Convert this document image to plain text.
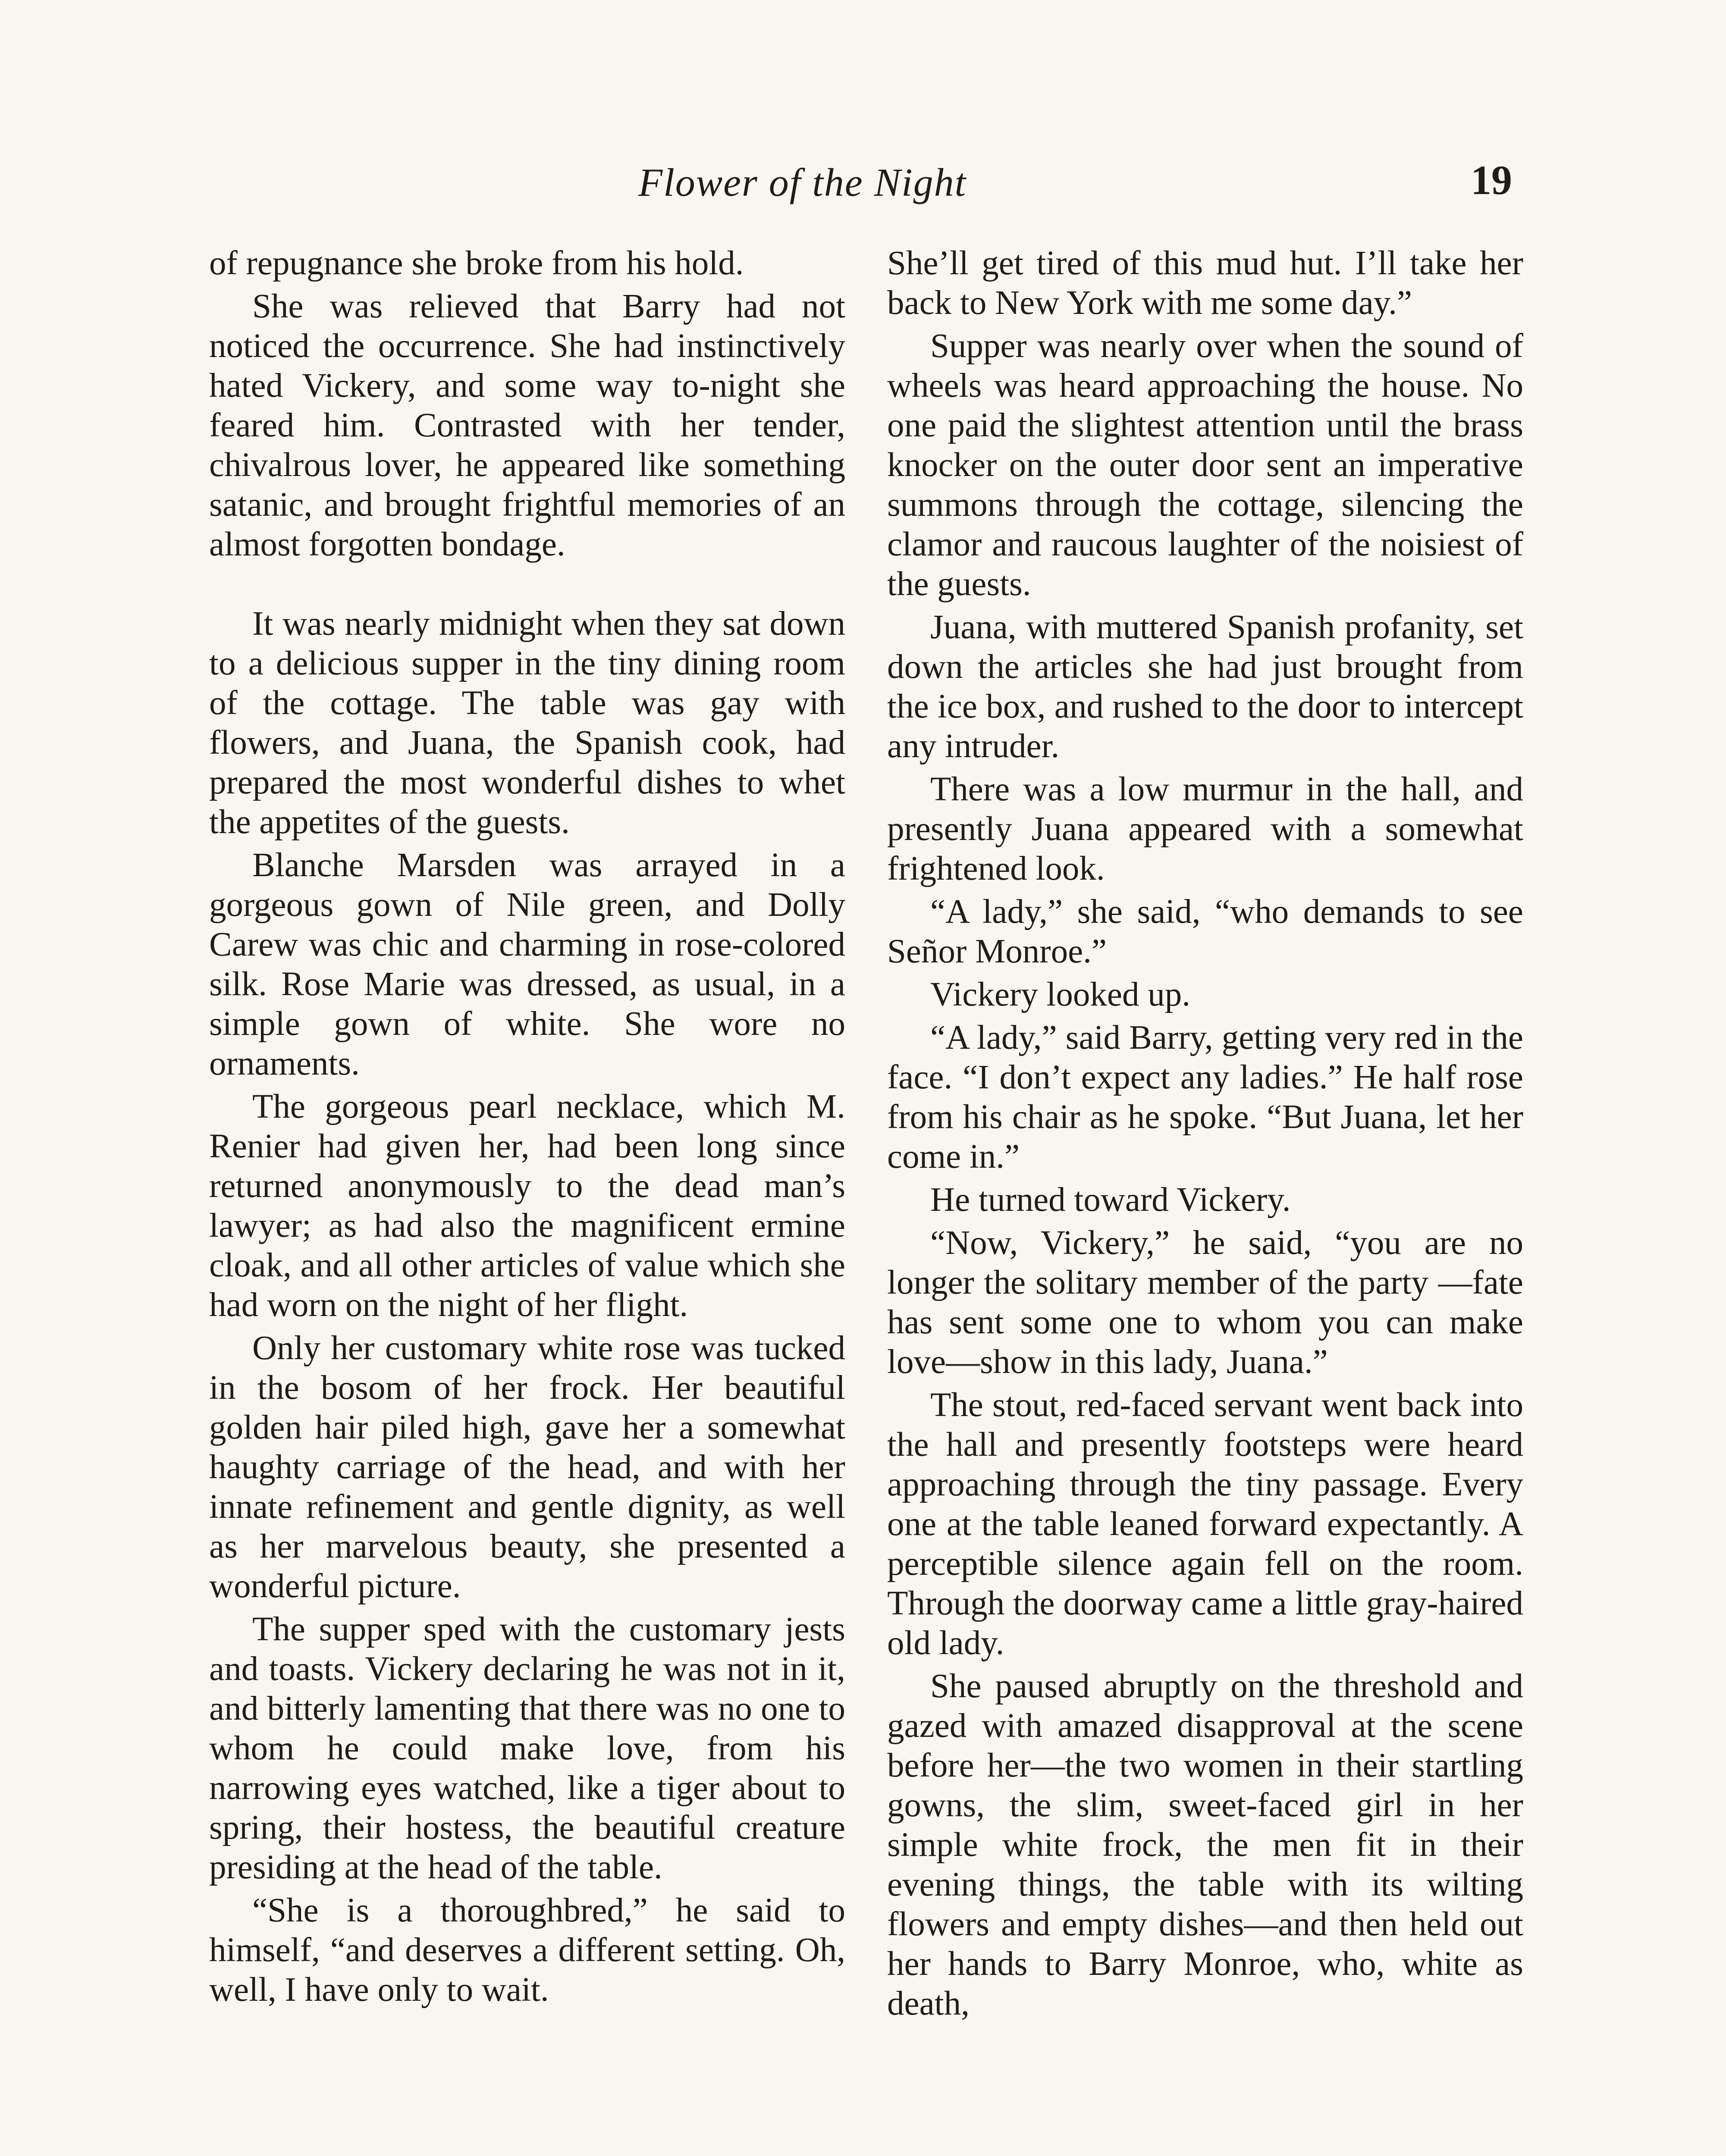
Flower of the Night	19

of repugnance she broke from his hold.

She was relieved that Barry had not noticed the occurrence. She had instinctively hated Vickery, and some way to-night she feared him. Contrasted with her tender, chivalrous lover, he appeared like something satanic, and brought frightful memories of an almost forgotten bondage.

It was nearly midnight when they sat down to a delicious supper in the tiny dining room of the cottage. The table was gay with flowers, and Juana, the Spanish cook, had prepared the most wonderful dishes to whet the appetites of the guests.

Blanche Marsden was arrayed in a gorgeous gown of Nile green, and Dolly Carew was chic and charming in rose-colored silk. Rose Marie was dressed, as usual, in a simple gown of white. She wore no ornaments.

The gorgeous pearl necklace, which M. Renier had given her, had been long since returned anonymously to the dead man’s lawyer; as had also the magnificent ermine cloak, and all other articles of value which she had worn on the night of her flight.

Only her customary white rose was tucked in the bosom of her frock. Her beautiful golden hair piled high, gave her a somewhat haughty carriage of the head, and with her innate refinement and gentle dignity, as well as her marvelous beauty, she presented a wonderful picture.

The supper sped with the customary jests and toasts. Vickery declaring he was not in it, and bitterly lamenting that there was no one to whom he could make love, from his narrowing eyes watched, like a tiger about to spring, their hostess, the beautiful creature presiding at the head of the table.

“She is a thoroughbred,” he said to himself, “and deserves a different setting. Oh, well, I have only to wait.

She’ll get tired of this mud hut. I’ll take her back to New York with me some day.”

Supper was nearly over when the sound of wheels was heard approaching the house. No one paid the slightest attention until the brass knocker on the outer door sent an imperative summons through the cottage, silencing the clamor and raucous laughter of the noisiest of the guests.

Juana, with muttered Spanish profanity, set down the articles she had just brought from the ice box, and rushed to the door to intercept any intruder.

There was a low murmur in the hall, and presently Juana appeared with a somewhat frightened look.

“A lady,” she said, “who demands to see Señor Monroe.”

Vickery looked up.

“A lady,” said Barry, getting very red in the face. “I don’t expect any ladies.” He half rose from his chair as he spoke. “But Juana, let her come in.”

He turned toward Vickery.

“Now, Vickery,” he said, “you are no longer the solitary member of the party —fate has sent some one to whom you can make love—show in this lady, Juana.”

The stout, red-faced servant went back into the hall and presently footsteps were heard approaching through the tiny passage. Every one at the table leaned forward expectantly. A perceptible silence again fell on the room. Through the doorway came a little gray-haired old lady.

She paused abruptly on the threshold and gazed with amazed disapproval at the scene before her—the two women in their startling gowns, the slim, sweet-faced girl in her simple white frock, the men fit in their evening things, the table with its wilting flowers and empty dishes—and then held out her hands to Barry Monroe, who, white as death,
